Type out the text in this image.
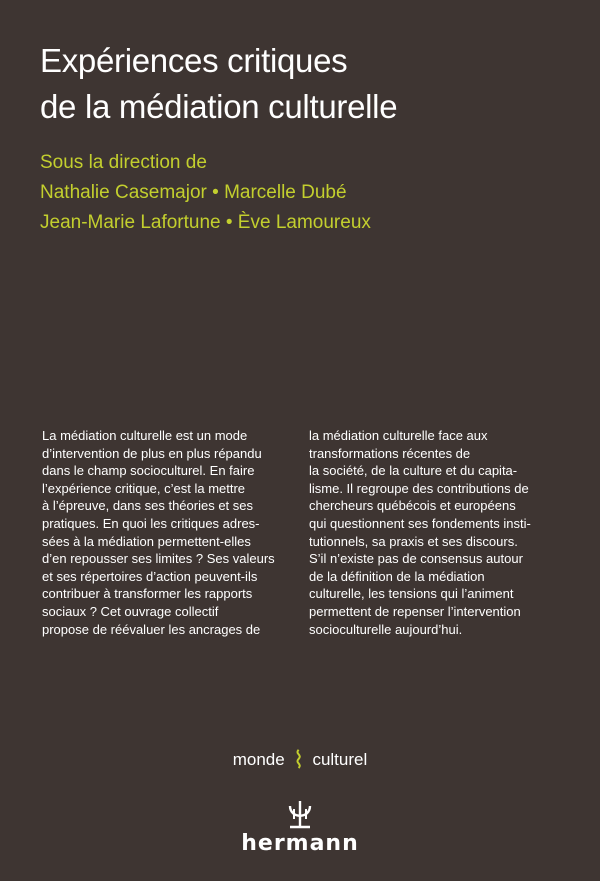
Expériences critiques
de la médiation culturelle
Sous la direction de
Nathalie Casemajor • Marcelle Dubé
Jean-Marie Lafortune • Ève Lamoureux
La médiation culturelle est un mode
d’intervention de plus en plus répandu
dans le champ socioculturel. En faire
l’expérience critique, c’est la mettre
à l’épreuve, dans ses théories et ses
pratiques. En quoi les critiques adres-
sées à la médiation permettent-elles
d’en repousser ses limites ? Ses valeurs
et ses répertoires d’action peuvent-ils
contribuer à transformer les rapports
sociaux ? Cet ouvrage collectif
propose de réévaluer les ancrages de
la médiation culturelle face aux
transformations récentes de
la société, de la culture et du capita-
lisme. Il regroupe des contributions de
chercheurs québécois et européens
qui questionnent ses fondements insti-
tutionnels, sa praxis et ses discours.
S’il n’existe pas de consensus autour
de la définition de la médiation
culturelle, les tensions qui l’animent
permettent de repenser l’intervention
socioculturelle aujourd’hui.
monde ⌇ culturel
hermann
